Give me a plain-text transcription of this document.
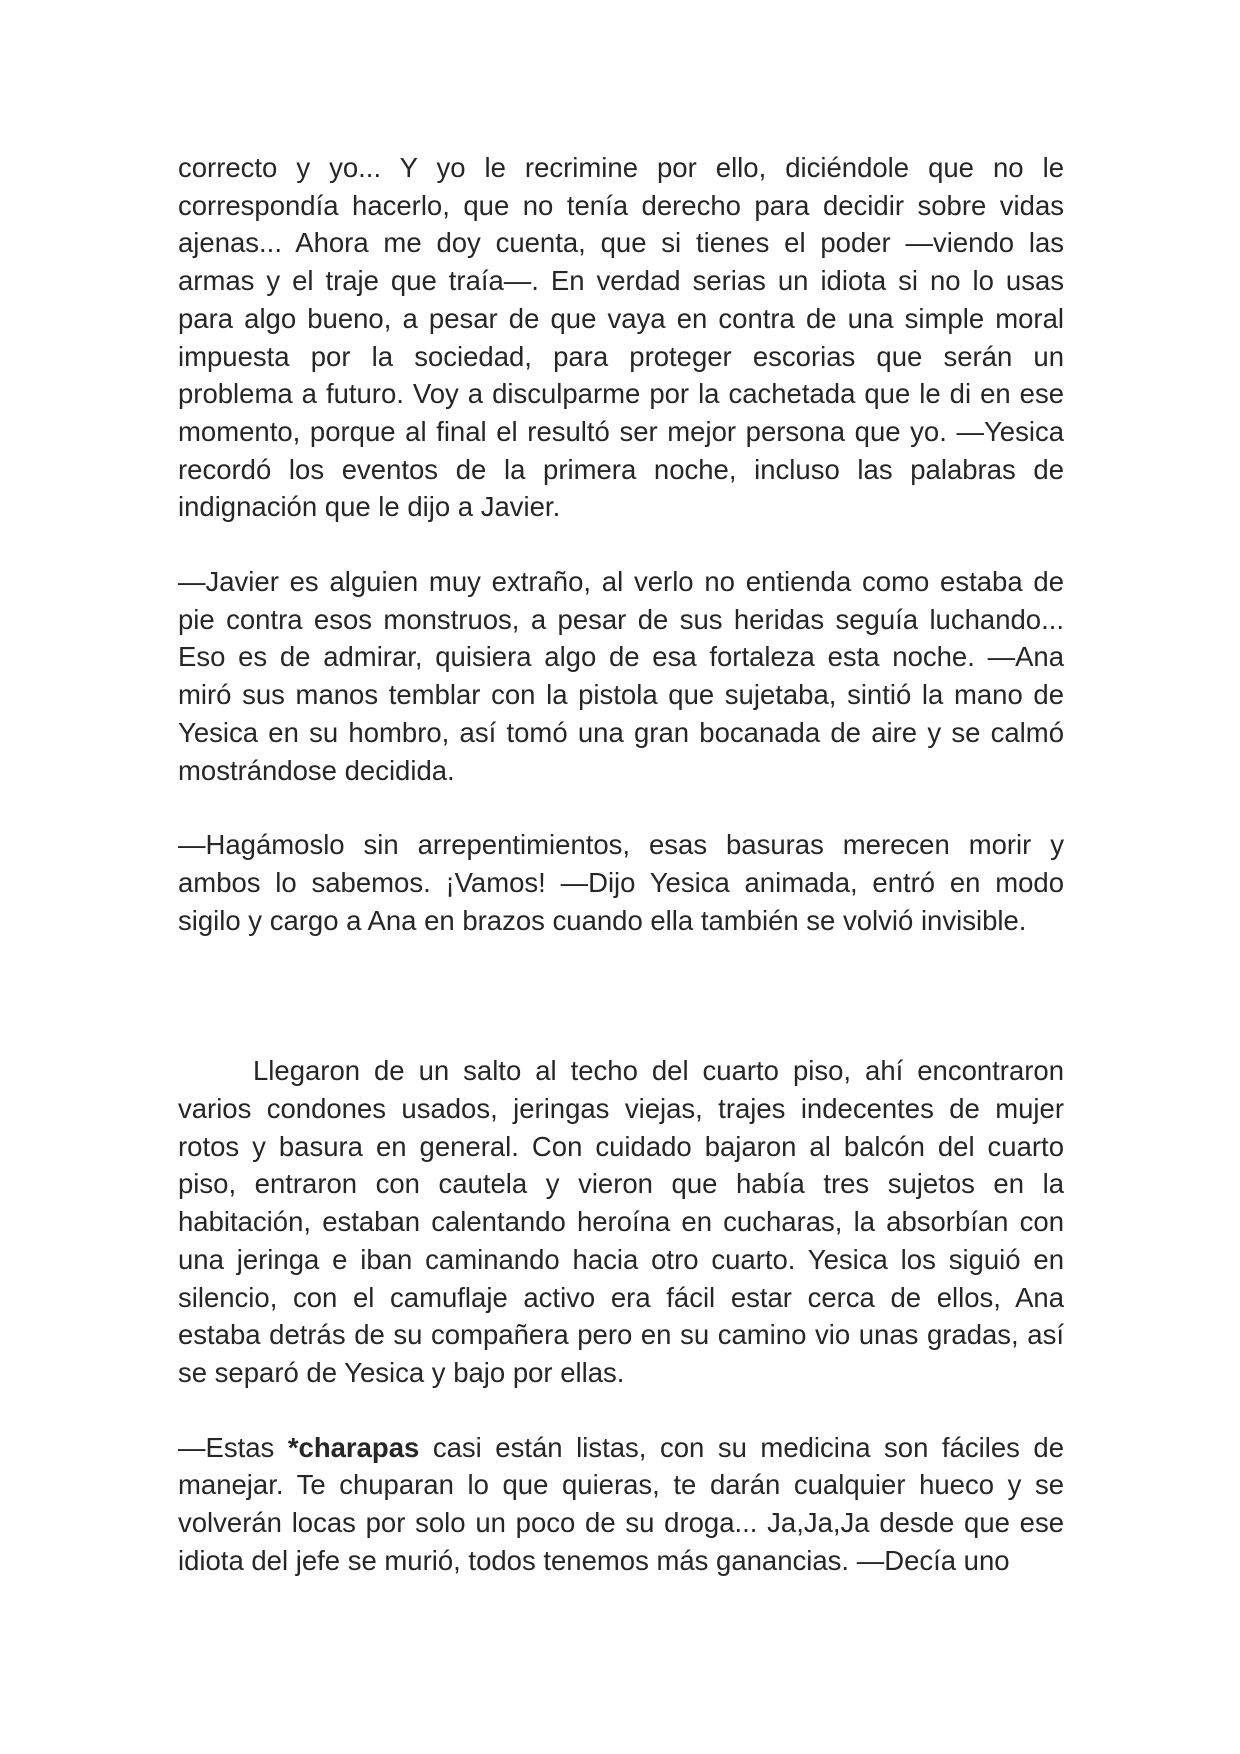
correcto y yo... Y yo le recrimine por ello, diciéndole que no le correspondía hacerlo, que no tenía derecho para decidir sobre vidas ajenas... Ahora me doy cuenta, que si tienes el poder —viendo las armas y el traje que traía—. En verdad serias un idiota si no lo usas para algo bueno, a pesar de que vaya en contra de una simple moral impuesta por la sociedad, para proteger escorias que serán un problema a futuro. Voy a disculparme por la cachetada que le di en ese momento, porque al final el resultó ser mejor persona que yo. —Yesica recordó los eventos de la primera noche, incluso las palabras de indignación que le dijo a Javier.

—Javier es alguien muy extraño, al verlo no entienda como estaba de pie contra esos monstruos, a pesar de sus heridas seguía luchando... Eso es de admirar, quisiera algo de esa fortaleza esta noche. —Ana miró sus manos temblar con la pistola que sujetaba, sintió la mano de Yesica en su hombro, así tomó una gran bocanada de aire y se calmó mostrándose decidida.

—Hagámoslo sin arrepentimientos, esas basuras merecen morir y ambos lo sabemos. ¡Vamos! —Dijo Yesica animada, entró en modo sigilo y cargo a Ana en brazos cuando ella también se volvió invisible.

Llegaron de un salto al techo del cuarto piso, ahí encontraron varios condones usados, jeringas viejas, trajes indecentes de mujer rotos y basura en general. Con cuidado bajaron al balcón del cuarto piso, entraron con cautela y vieron que había tres sujetos en la habitación, estaban calentando heroína en cucharas, la absorbían con una jeringa e iban caminando hacia otro cuarto. Yesica los siguió en silencio, con el camuflaje activo era fácil estar cerca de ellos, Ana estaba detrás de su compañera pero en su camino vio unas gradas, así se separó de Yesica y bajo por ellas.

—Estas *charapas casi están listas, con su medicina son fáciles de manejar. Te chuparan lo que quieras, te darán cualquier hueco y se volverán locas por solo un poco de su droga... Ja,Ja,Ja desde que ese idiota del jefe se murió, todos tenemos más ganancias. —Decía uno
